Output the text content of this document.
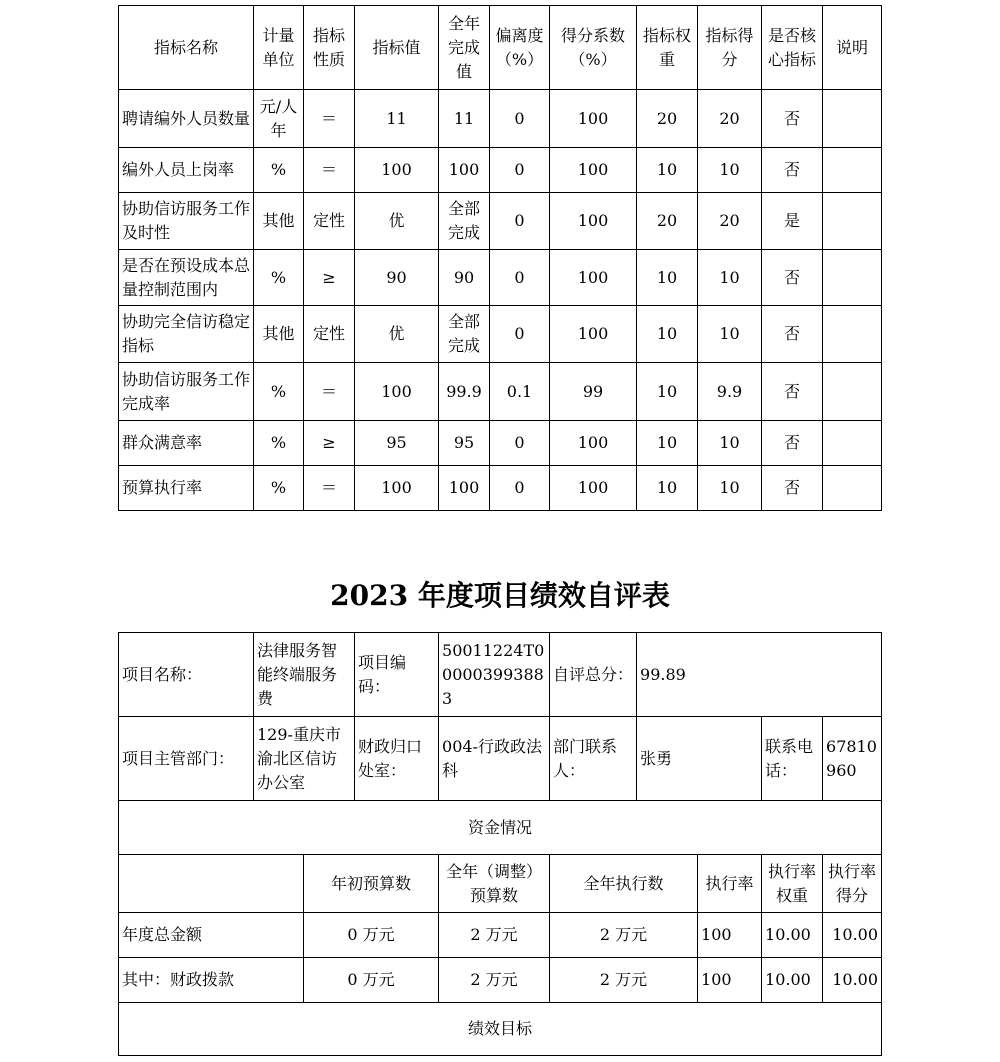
指标名称	计量单位	指标性质	指标值	全年完成值	偏离度（%）	得分系数（%）	指标权重	指标得分	是否核心指标	说明
聘请编外人员数量	元/人年	＝	11	11	0	100	20	20	否	
编外人员上岗率	%	＝	100	100	0	100	10	10	否	
协助信访服务工作及时性	其他	定性	优	全部完成	0	100	20	20	是	
是否在预设成本总量控制范围内	%	≥	90	90	0	100	10	10	否	
协助完全信访稳定指标	其他	定性	优	全部完成	0	100	10	10	否	
协助信访服务工作完成率	%	＝	100	99.9	0.1	99	10	9.9	否	
群众满意率	%	≥	95	95	0	100	10	10	否	
预算执行率	%	＝	100	100	0	100	10	10	否	
2023 年度项目绩效自评表
项目名称：	法律服务智能终端服务费		项目编码：	50011224T000003993883	自评总分：	99.89			
项目主管部门：	129-重庆市渝北区信访办公室		财政归口处室：	004-行政政法科	部门联系人：	张勇		联系电话：	67810960
资金情况									
		年初预算数		全年（调整）预算数	全年执行数		执行率	执行率权重	执行率得分
年度总金额		0 万元		2 万元	2 万元		100	10.00	10.00
其中：财政拨款		0 万元		2 万元	2 万元		100	10.00	10.00
绩效目标									
